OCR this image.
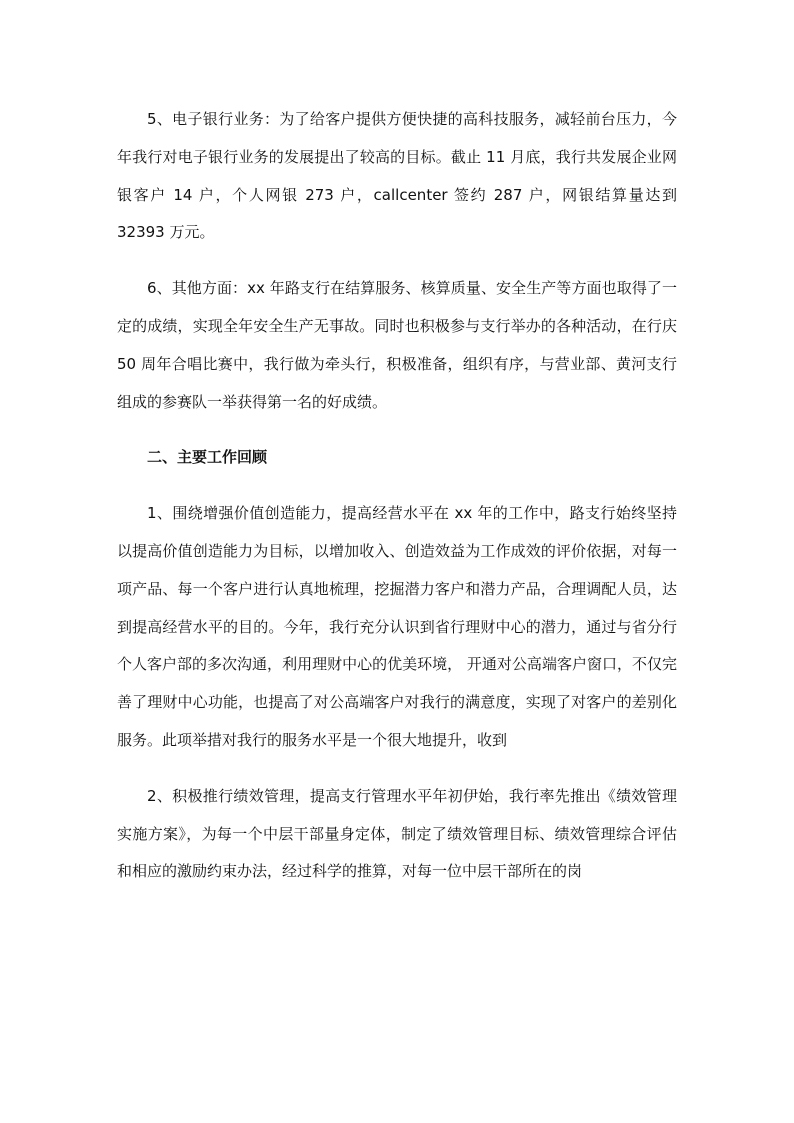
5、电子银行业务：为了给客户提供方便快捷的高科技服务，减轻前台压力，今年我行对电子银行业务的发展提出了较高的目标。截止 11 月底，我行共发展企业网银客户 14 户，个人网银 273 户，callcenter 签约 287 户，网银结算量达到 32393 万元。

6、其他方面：xx 年路支行在结算服务、核算质量、安全生产等方面也取得了一定的成绩，实现全年安全生产无事故。同时也积极参与支行举办的各种活动，在行庆 50 周年合唱比赛中，我行做为牵头行，积极准备，组织有序，与营业部、黄河支行组成的参赛队一举获得第一名的好成绩。

二、主要工作回顾

1、围绕增强价值创造能力，提高经营水平在 xx 年的工作中，路支行始终坚持以提高价值创造能力为目标，以增加收入、创造效益为工作成效的评价依据，对每一项产品、每一个客户进行认真地梳理，挖掘潜力客户和潜力产品，合理调配人员，达到提高经营水平的目的。今年，我行充分认识到省行理财中心的潜力，通过与省分行个人客户部的多次沟通，利用理财中心的优美环境， 开通对公高端客户窗口，不仅完善了理财中心功能，也提高了对公高端客户对我行的满意度，实现了对客户的差别化服务。此项举措对我行的服务水平是一个很大地提升，收到

2、积极推行绩效管理，提高支行管理水平年初伊始，我行率先推出《绩效管理实施方案》，为每一个中层干部量身定体，制定了绩效管理目标、绩效管理综合评估和相应的激励约束办法，经过科学的推算，对每一位中层干部所在的岗
